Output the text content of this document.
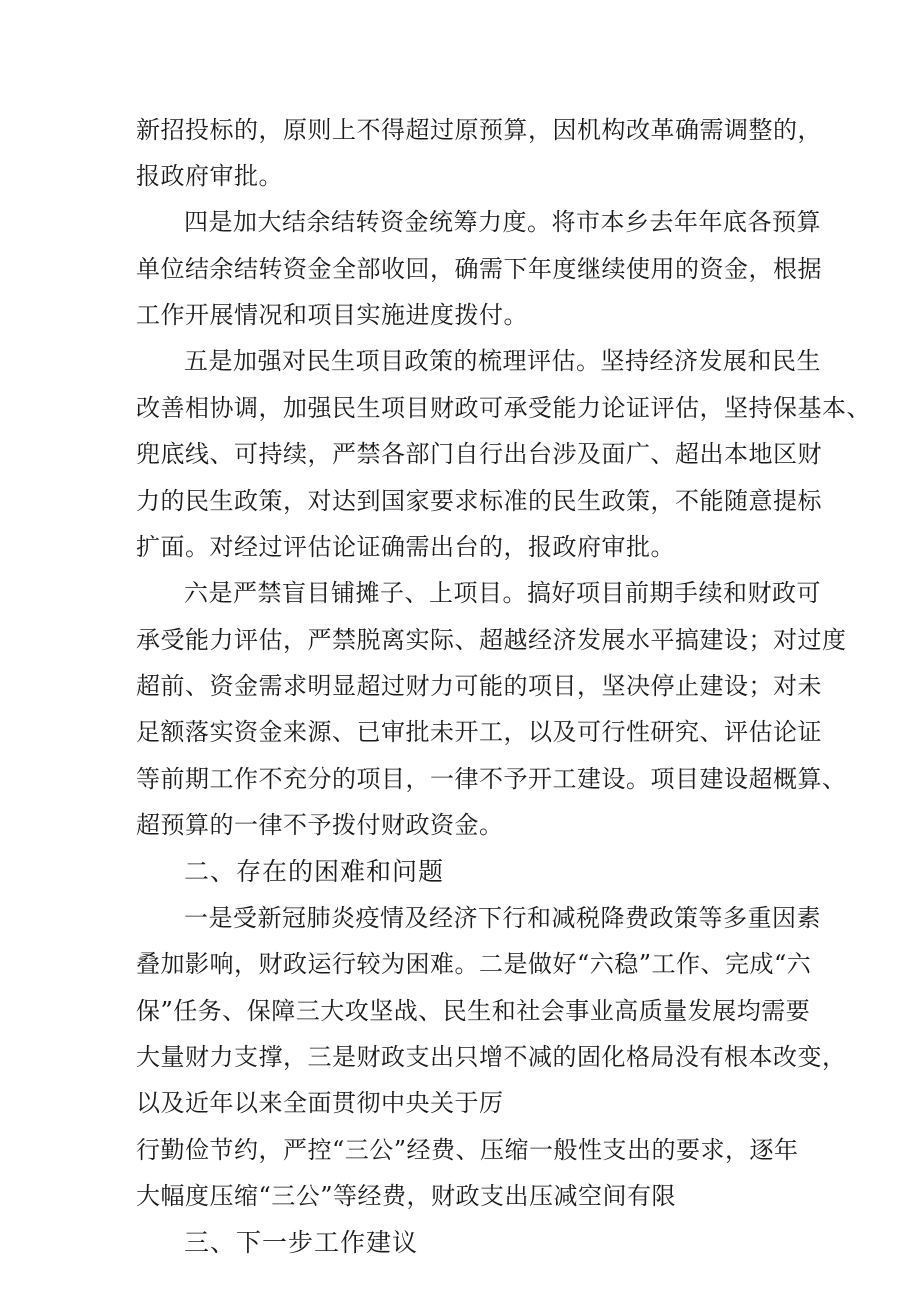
新招投标的，原则上不得超过原预算，因机构改革确需调整的，
报政府审批。
四是加大结余结转资金统筹力度。将市本乡去年年底各预算
单位结余结转资金全部收回，确需下年度继续使用的资金，根据
工作开展情况和项目实施进度拨付。
五是加强对民生项目政策的梳理评估。坚持经济发展和民生
改善相协调，加强民生项目财政可承受能力论证评估，坚持保基本、
兜底线、可持续，严禁各部门自行出台涉及面广、超出本地区财
力的民生政策，对达到国家要求标准的民生政策，不能随意提标
扩面。对经过评估论证确需出台的，报政府审批。
六是严禁盲目铺摊子、上项目。搞好项目前期手续和财政可
承受能力评估，严禁脱离实际、超越经济发展水平搞建设；对过度
超前、资金需求明显超过财力可能的项目，坚决停止建设；对未
足额落实资金来源、已审批未开工，以及可行性研究、评估论证
等前期工作不充分的项目，一律不予开工建设。项目建设超概算、
超预算的一律不予拨付财政资金。
二、存在的困难和问题
一是受新冠肺炎疫情及经济下行和减税降费政策等多重因素
叠加影响，财政运行较为困难。二是做好“六稳”工作、完成“六
保”任务、保障三大攻坚战、民生和社会事业高质量发展均需要
大量财力支撑，三是财政支出只增不减的固化格局没有根本改变，
以及近年以来全面贯彻中央关于厉
行勤俭节约，严控“三公”经费、压缩一般性支出的要求，逐年
大幅度压缩“三公”等经费，财政支出压减空间有限
三、下一步工作建议
